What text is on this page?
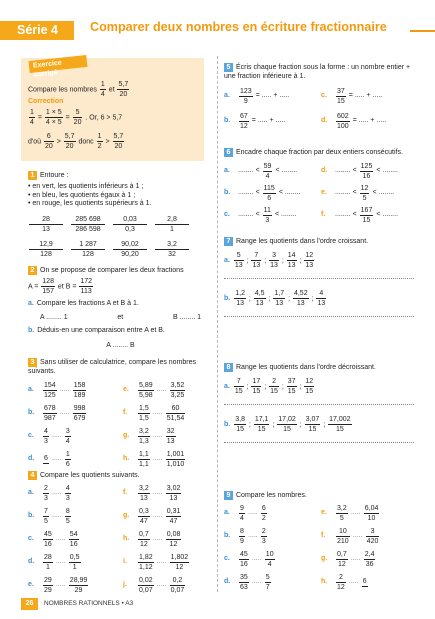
Série 4	Comparer deux nombres en écriture fractionnaire
Exercice corrigé
Compare les nombres $\frac{1}{4}$ et $\frac{5,7}{20}$
Correction
$\frac{1}{4} = \frac{1 \times 5}{4 \times 5} = \frac{5}{20}$ . Or, 6 > 5,7
d'où $\frac{6}{20} > \frac{5,7}{20}$ donc $\frac{1}{2} > \frac{5,7}{20}$
1 Entoure :
• en vert, les quotients inférieurs à 1 ;
• en bleu, les quotients égaux à 1 ;
• en rouge, les quotients supérieurs à 1.
$\frac{28}{13} \frac{285 698}{286 598} \frac{0,03}{0,3} \frac{2,8}{1}$
$\frac{12,9}{128} \frac{1 287}{128} \frac{90,02}{90,20} \frac{3,2}{32}$
2 On se propose de comparer les deux fractions
$A = \frac{128}{157}$ et $B = \frac{172}{113}$
a. Compare les fractions A et B à 1.
A ........ 1	et	B ........ 1
b. Déduis-en une comparaison entre A et B.
A ........ B
3 Sans utiliser de calculatrice, compare les nombres suivants.
a.	$\frac{154}{125}$ ..... $\frac{158}{189}$	e.	$\frac{5,89}{5,98}$ ..... $\frac{3,52}{3,25}$
b.	$\frac{678}{987}$ ..... $\frac{998}{679}$	f.	$\frac{1,5}{1,5}$ ..... $\frac{60}{51,54}$
c.	$\frac{4}{3}$ ..... $\frac{3}{4}$	g.	$\frac{3,2}{1,3}$ ..... $\frac{32}{13}$
d.	6 ..... $\frac{1}{6}$	h.	$\frac{1,1}{1,1}$ ..... $\frac{1,001}{1,010}$
4 Compare les quotients suivants.
a.	$\frac{2}{3}$ ..... $\frac{4}{3}$	f.	$\frac{3,2}{13}$ ..... $\frac{3,02}{13}$
b.	$\frac{7}{5}$ ..... $\frac{8}{5}$	g.	$\frac{0,3}{47}$ ..... $\frac{0,31}{47}$
c.	$\frac{45}{16}$ ..... $\frac{54}{16}$	h.	$\frac{0,7}{12}$ ..... $\frac{0,08}{12}$
d.	$\frac{28}{1}$ ..... $\frac{0,5}{1}$	i.	$\frac{1,82}{1,12}$ ..... $\frac{1,802}{12}$
e.	$\frac{29}{29}$ ..... $\frac{28,99}{29}$	j.	$\frac{0,02}{0,07}$ ..... $\frac{0,2}{0,07}$
5 Écris chaque fraction sous la forme : un nombre entier + une fraction inférieure à 1.
a.	$\frac{123}{9}$ = ..... + .....	c.	$\frac{37}{15}$ = ..... + .....
b.	$\frac{67}{12}$ = ..... + .....	d.	$\frac{602}{100}$ = ..... + .....
6 Encadre chaque fraction par deux entiers consécutifs.
a.	........ < $\frac{59}{4}$ < ........	d.	........ < $\frac{125}{16}$ < ........
b.	........ < $\frac{115}{6}$ < ........	e.	........ < $\frac{12}{5}$ < ........
c.	........ < $\frac{11}{3}$ < ........	f.	........ < $\frac{167}{15}$ < ........
7 Range les quotients dans l'ordre croissant.
a. $\frac{5}{13}$ ; $\frac{7}{13}$ ; $\frac{3}{13}$ ; $\frac{14}{13}$ ; $\frac{12}{13}$
b. $\frac{1,2}{13}$ ; $\frac{4,5}{13}$ ; $\frac{1,7}{13}$ ; $\frac{4,52}{13}$ ; $\frac{4}{13}$
8 Range les quotients dans l'ordre décroissant.
a. $\frac{7}{15}$ ; $\frac{17}{15}$ ; $\frac{2}{15}$ ; $\frac{37}{15}$ ; $\frac{12}{15}$
b. $\frac{3,8}{15}$ ; $\frac{17,1}{15}$ ; $\frac{17,02}{15}$ ; $\frac{3,07}{15}$ ; $\frac{17,002}{15}$
9 Compare les nombres.
a.	$\frac{9}{4}$ ..... $\frac{6}{2}$	e.	$\frac{3,2}{5}$ ..... $\frac{6,04}{10}$
b.	$\frac{8}{9}$ ..... $\frac{2}{3}$	f.	$\frac{10}{210}$ ..... $\frac{3}{420}$
c.	$\frac{45}{16}$ ..... $\frac{10}{4}$	g.	$\frac{0,7}{12}$ ..... $\frac{2,4}{36}$
d.	$\frac{35}{63}$ ..... $\frac{5}{7}$	h.	$\frac{2}{12}$ ..... 6
26	NOMBRES RATIONNELS • A3
